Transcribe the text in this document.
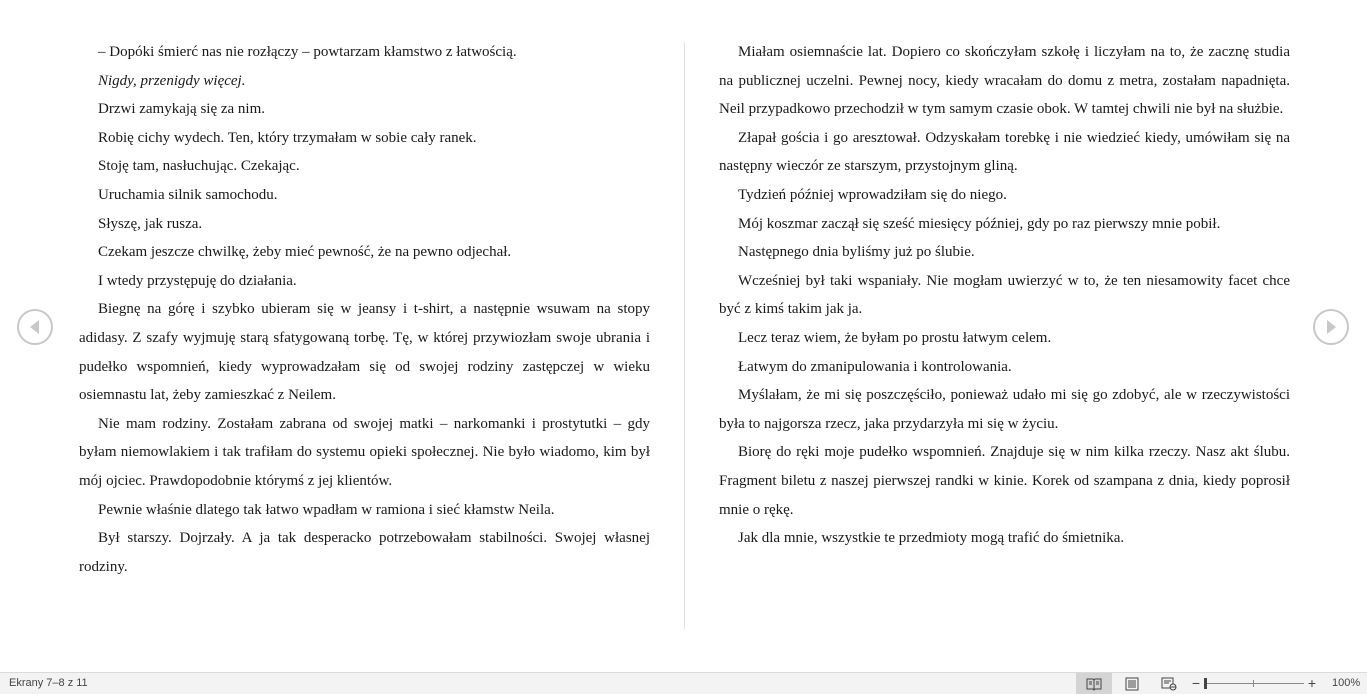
– Dopóki śmierć nas nie rozłączy – powtarzam kłamstwo z łatwością.

Nigdy, przenigdy więcej.

Drzwi zamykają się za nim.

Robię cichy wydech. Ten, który trzymałam w sobie cały ranek.

Stoję tam, nasłuchując. Czekając.

Uruchamia silnik samochodu.

Słyszę, jak rusza.

Czekam jeszcze chwilkę, żeby mieć pewność, że na pewno odjechał.

I wtedy przystępuję do działania.

Biegnę na górę i szybko ubieram się w jeansy i t-shirt, a następnie wsuwam na stopy adidasy. Z szafy wyjmuję starą sfatygowaną torbę. Tę, w której przywiozłam swoje ubrania i pudełko wspomnień, kiedy wyprowadzałam się od swojej rodziny zastępczej w wieku osiemnastu lat, żeby zamieszkać z Neilem.

Nie mam rodziny. Zostałam zabrana od swojej matki – narkomanki i prostytutki – gdy byłam niemowlakiem i tak trafiłam do systemu opieki społecznej. Nie było wiadomo, kim był mój ojciec. Prawdopodobnie którymś z jej klientów.

Pewnie właśnie dlatego tak łatwo wpadłam w ramiona i sieć kłamstw Neila.

Był starszy. Dojrzały. A ja tak desperacko potrzebowałam stabilności. Swojej własnej rodziny.

Miałam osiemnaście lat. Dopiero co skończyłam szkołę i liczyłam na to, że zacznę studia na publicznej uczelni. Pewnej nocy, kiedy wracałam do domu z metra, zostałam napadnięta. Neil przypadkowo przechodził w tym samym czasie obok. W tamtej chwili nie był na służbie.

Złapał gościa i go aresztował. Odzyskałam torebkę i nie wiedzieć kiedy, umówiłam się na następny wieczór ze starszym, przystojnym gliną.

Tydzień później wprowadziłam się do niego.

Mój koszmar zaczął się sześć miesięcy później, gdy po raz pierwszy mnie pobił.

Następnego dnia byliśmy już po ślubie.

Wcześniej był taki wspaniały. Nie mogłam uwierzyć w to, że ten niesamowity facet chce być z kimś takim jak ja.

Lecz teraz wiem, że byłam po prostu łatwym celem.

Łatwym do zmanipulowania i kontrolowania.

Myślałam, że mi się poszczęściło, ponieważ udało mi się go zdobyć, ale w rzeczywistości była to najgorsza rzecz, jaka przydarzyła mi się w życiu.

Biorę do ręki moje pudełko wspomnień. Znajduje się w nim kilka rzeczy. Nasz akt ślubu. Fragment biletu z naszej pierwszej randki w kinie. Korek od szampana z dnia, kiedy poprosił mnie o rękę.

Jak dla mnie, wszystkie te przedmioty mogą trafić do śmietnika.

Ekrany 7–8 z 11	−	+ 100%
